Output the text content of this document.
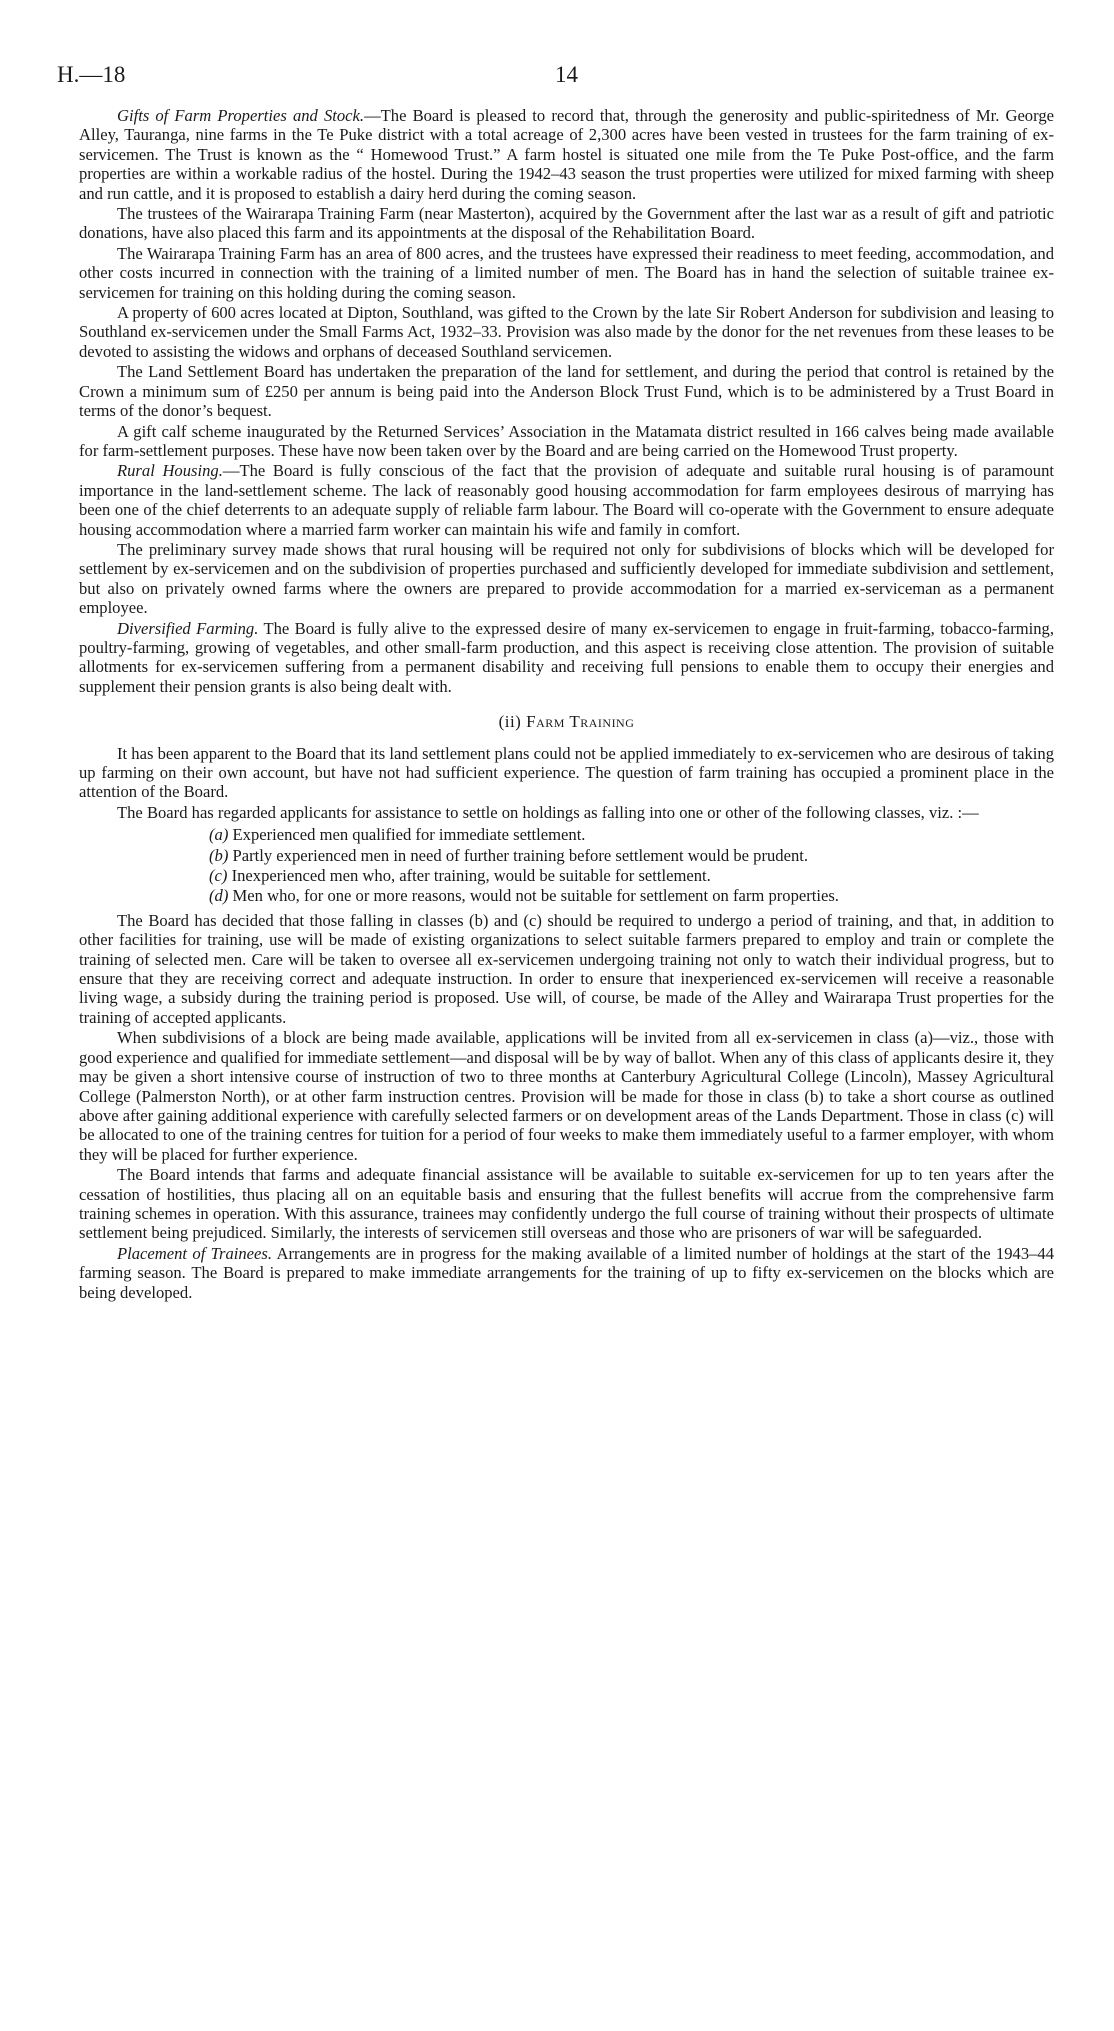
H.—18	14

Gifts of Farm Properties and Stock.—The Board is pleased to record that, through the generosity and public-spiritedness of Mr. George Alley, Tauranga, nine farms in the Te Puke district with a total acreage of 2,300 acres have been vested in trustees for the farm training of ex-servicemen. The Trust is known as the “ Homewood Trust.” A farm hostel is situated one mile from the Te Puke Post-office, and the farm properties are within a workable radius of the hostel. During the 1942–43 season the trust properties were utilized for mixed farming with sheep and run cattle, and it is proposed to establish a dairy herd during the coming season.

The trustees of the Wairarapa Training Farm (near Masterton), acquired by the Government after the last war as a result of gift and patriotic donations, have also placed this farm and its appointments at the disposal of the Rehabilitation Board.

The Wairarapa Training Farm has an area of 800 acres, and the trustees have expressed their readiness to meet feeding, accommodation, and other costs incurred in connection with the training of a limited number of men. The Board has in hand the selection of suitable trainee ex-servicemen for training on this holding during the coming season.

A property of 600 acres located at Dipton, Southland, was gifted to the Crown by the late Sir Robert Anderson for subdivision and leasing to Southland ex-servicemen under the Small Farms Act, 1932–33. Provision was also made by the donor for the net revenues from these leases to be devoted to assisting the widows and orphans of deceased Southland servicemen.

The Land Settlement Board has undertaken the preparation of the land for settlement, and during the period that control is retained by the Crown a minimum sum of £250 per annum is being paid into the Anderson Block Trust Fund, which is to be administered by a Trust Board in terms of the donor’s bequest.

A gift calf scheme inaugurated by the Returned Services’ Association in the Matamata district resulted in 166 calves being made available for farm-settlement purposes. These have now been taken over by the Board and are being carried on the Homewood Trust property.

Rural Housing.—The Board is fully conscious of the fact that the provision of adequate and suitable rural housing is of paramount importance in the land-settlement scheme. The lack of reasonably good housing accommodation for farm employees desirous of marrying has been one of the chief deterrents to an adequate supply of reliable farm labour. The Board will co-operate with the Government to ensure adequate housing accommodation where a married farm worker can maintain his wife and family in comfort.

The preliminary survey made shows that rural housing will be required not only for subdivisions of blocks which will be developed for settlement by ex-servicemen and on the subdivision of properties purchased and sufficiently developed for immediate subdivision and settlement, but also on privately owned farms where the owners are prepared to provide accommodation for a married ex-serviceman as a permanent employee.

Diversified Farming. The Board is fully alive to the expressed desire of many ex-servicemen to engage in fruit-farming, tobacco-farming, poultry-farming, growing of vegetables, and other small-farm production, and this aspect is receiving close attention. The provision of suitable allotments for ex-servicemen suffering from a permanent disability and receiving full pensions to enable them to occupy their energies and supplement their pension grants is also being dealt with.

(ii) Farm Training

It has been apparent to the Board that its land settlement plans could not be applied immediately to ex-servicemen who are desirous of taking up farming on their own account, but have not had sufficient experience. The question of farm training has occupied a prominent place in the attention of the Board.

The Board has regarded applicants for assistance to settle on holdings as falling into one or other of the following classes, viz. :—

(a) Experienced men qualified for immediate settlement.
(b) Partly experienced men in need of further training before settlement would be prudent.
(c) Inexperienced men who, after training, would be suitable for settlement.
(d) Men who, for one or more reasons, would not be suitable for settlement on farm properties.

The Board has decided that those falling in classes (b) and (c) should be required to undergo a period of training, and that, in addition to other facilities for training, use will be made of existing organizations to select suitable farmers prepared to employ and train or complete the training of selected men. Care will be taken to oversee all ex-servicemen undergoing training not only to watch their individual progress, but to ensure that they are receiving correct and adequate instruction. In order to ensure that inexperienced ex-servicemen will receive a reasonable living wage, a subsidy during the training period is proposed. Use will, of course, be made of the Alley and Wairarapa Trust properties for the training of accepted applicants.

When subdivisions of a block are being made available, applications will be invited from all ex-servicemen in class (a)—viz., those with good experience and qualified for immediate settlement—and disposal will be by way of ballot. When any of this class of applicants desire it, they may be given a short intensive course of instruction of two to three months at Canterbury Agricultural College (Lincoln), Massey Agricultural College (Palmerston North), or at other farm instruction centres. Provision will be made for those in class (b) to take a short course as outlined above after gaining additional experience with carefully selected farmers or on development areas of the Lands Department. Those in class (c) will be allocated to one of the training centres for tuition for a period of four weeks to make them immediately useful to a farmer employer, with whom they will be placed for further experience.

The Board intends that farms and adequate financial assistance will be available to suitable ex-servicemen for up to ten years after the cessation of hostilities, thus placing all on an equitable basis and ensuring that the fullest benefits will accrue from the comprehensive farm training schemes in operation. With this assurance, trainees may confidently undergo the full course of training without their prospects of ultimate settlement being prejudiced. Similarly, the interests of servicemen still overseas and those who are prisoners of war will be safeguarded.

Placement of Trainees. Arrangements are in progress for the making available of a limited number of holdings at the start of the 1943–44 farming season. The Board is prepared to make immediate arrangements for the training of up to fifty ex-servicemen on the blocks which are being developed.
